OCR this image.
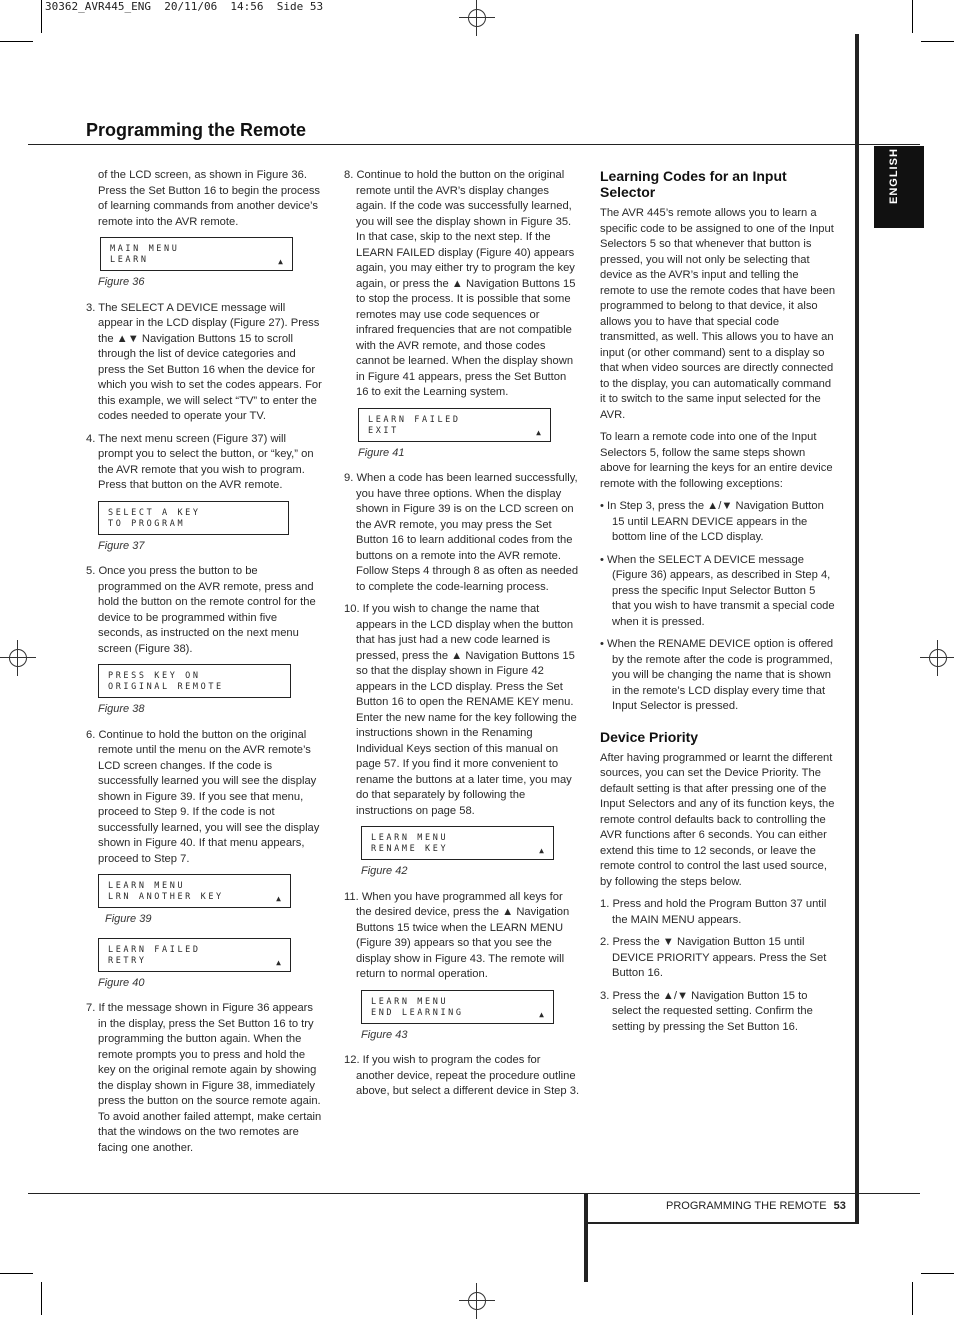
30362_AVR445_ENG  20/11/06  14:56  Side 53
Programming the Remote
ENGLISH

of the LCD screen, as shown in Figure 36. Press the Set Button 16 to begin the process of learning commands from another device’s remote into the AVR remote.

MAIN MENU
LEARN	▲
Figure 36

3. The SELECT A DEVICE message will appear in the LCD display (Figure 27). Press the ▲▼ Navigation Buttons 15 to scroll through the list of device categories and press the Set Button 16 when the device for which you wish to set the codes appears. For this example, we will select “TV” to enter the codes needed to operate your TV.

4. The next menu screen (Figure 37) will prompt you to select the button, or “key,” on the AVR remote that you wish to program. Press that button on the AVR remote.

SELECT A KEY
TO PROGRAM
Figure 37

5. Once you press the button to be programmed on the AVR remote, press and hold the button on the remote control for the device to be programmed within five seconds, as instructed on the next menu screen (Figure 38).

PRESS KEY ON
ORIGINAL REMOTE
Figure 38

6. Continue to hold the button on the original remote until the menu on the AVR remote’s LCD screen changes. If the code is successfully learned you will see the display shown in Figure 39. If you see that menu, proceed to Step 9. If the code is not successfully learned, you will see the display shown in Figure 40. If that menu appears, proceed to Step 7.

LEARN MENU
LRN ANOTHER KEY	▲
Figure 39
LEARN FAILED
RETRY	▲
Figure 40

7. If the message shown in Figure 36 appears in the display, press the Set Button 16 to try programming the button again. When the remote prompts you to press and hold the key on the original remote again by showing the display shown in Figure 38, immediately press the button on the source remote again. To avoid another failed attempt, make certain that the windows on the two remotes are facing one another.

8. Continue to hold the button on the original remote until the AVR’s display changes again. If the code was successfully learned, you will see the display shown in Figure 35. In that case, skip to the next step. If the LEARN FAILED display (Figure 40) appears again, you may either try to program the key again, or press the ▲ Navigation Buttons 15 to stop the process. It is possible that some remotes may use code sequences or infrared frequencies that are not compatible with the AVR remote, and those codes cannot be learned. When the display shown in Figure 41 appears, press the Set Button 16 to exit the Learning system.

LEARN FAILED
EXIT	▲
Figure 41

9. When a code has been learned successfully, you have three options. When the display shown in Figure 39 is on the LCD screen on the AVR remote, you may press the Set Button 16 to learn additional codes from the buttons on a remote into the AVR remote. Follow Steps 4 through 8 as often as needed to complete the code-learning process.

10. If you wish to change the name that appears in the LCD display when the button that has just had a new code learned is pressed, press the ▲ Navigation Buttons 15 so that the display shown in Figure 42 appears in the LCD display. Press the Set Button 16 to open the RENAME KEY menu. Enter the new name for the key following the instructions shown in the Renaming Individual Keys section of this manual on page 57. If you find it more convenient to rename the buttons at a later time, you may do that separately by following the instructions on page 58.

LEARN MENU
RENAME KEY	▲
Figure 42

11. When you have programmed all keys for the desired device, press the ▲ Navigation Buttons 15 twice when the LEARN MENU (Figure 39) appears so that you see the display show in Figure 43. The remote will return to normal operation.

LEARN MENU
END LEARNING	▲
Figure 43

12. If you wish to program the codes for another device, repeat the procedure outline above, but select a different device in Step 3.

Learning Codes for an Input Selector

The AVR 445’s remote allows you to learn a specific code to be assigned to one of the Input Selectors 5 so that whenever that button is pressed, you will not only be selecting that device as the AVR’s input and telling the remote to use the remote codes that have been programmed to belong to that device, it also allows you to have that special code transmitted, as well. This allows you to have an input (or other command) sent to a display so that when video sources are directly connected to the display, you can automatically command it to switch to the same input selected for the AVR.

To learn a remote code into one of the Input Selectors 5, follow the same steps shown above for learning the keys for an entire device remote with the following exceptions:

• In Step 3, press the ▲/▼ Navigation Button 15 until LEARN DEVICE appears in the bottom line of the LCD display.

• When the SELECT A DEVICE message (Figure 36) appears, as described in Step 4, press the specific Input Selector Button 5 that you wish to have transmit a special code when it is pressed.

• When the RENAME DEVICE option is offered by the remote after the code is programmed, you will be changing the name that is shown in the remote’s LCD display every time that Input Selector is pressed.

Device Priority

After having programmed or learnt the different sources, you can set the Device Priority. The default setting is that after pressing one of the Input Selectors and any of its function keys, the remote control defaults back to controlling the AVR functions after 6 seconds. You can either extend this time to 12 seconds, or leave the remote control to control the last used source, by following the steps below.

1. Press and hold the Program Button 37 until the MAIN MENU appears.

2. Press the ▼ Navigation Button 15 until DEVICE PRIORITY appears. Press the Set Button 16.

3. Press the ▲/▼ Navigation Button 15 to select the requested setting. Confirm the setting by pressing the Set Button 16.

PROGRAMMING THE REMOTE 53
